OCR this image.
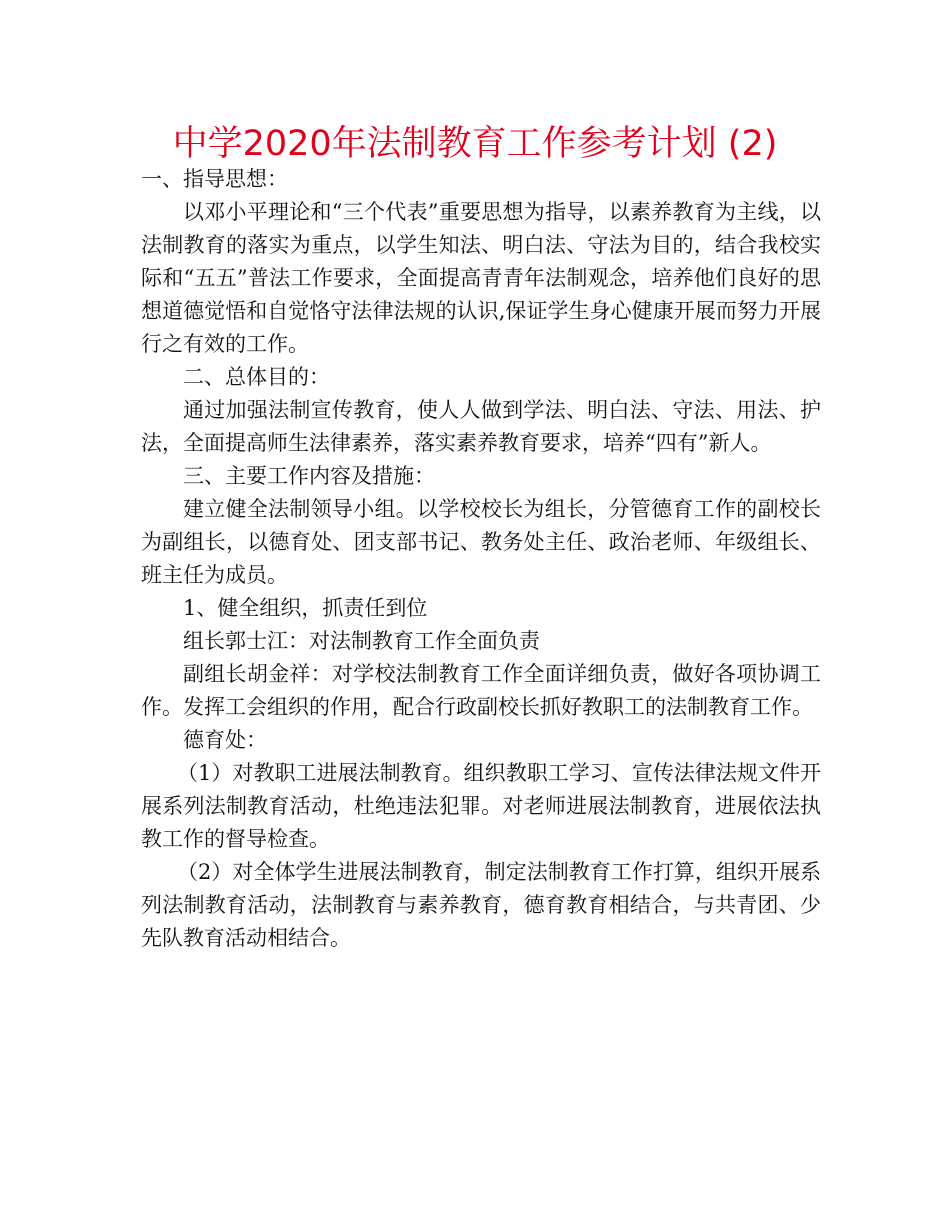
中学2020年法制教育工作参考计划 (2)

一、指导思想：

以邓小平理论和“三个代表”重要思想为指导，以素养教育为主线，以法制教育的落实为重点，以学生知法、明白法、守法为目的，结合我校实际和“五五”普法工作要求，全面提高青青年法制观念，培养他们良好的思想道德觉悟和自觉恪守法律法规的认识,保证学生身心健康开展而努力开展行之有效的工作。

二、总体目的：

通过加强法制宣传教育，使人人做到学法、明白法、守法、用法、护法，全面提高师生法律素养，落实素养教育要求，培养“四有”新人。

三、主要工作内容及措施：

建立健全法制领导小组。以学校校长为组长，分管德育工作的副校长为副组长，以德育处、团支部书记、教务处主任、政治老师、年级组长、班主任为成员。

1、健全组织，抓责任到位

组长郭士江：对法制教育工作全面负责

副组长胡金祥：对学校法制教育工作全面详细负责，做好各项协调工作。发挥工会组织的作用，配合行政副校长抓好教职工的法制教育工作。

德育处：

（1）对教职工进展法制教育。组织教职工学习、宣传法律法规文件开展系列法制教育活动，杜绝违法犯罪。对老师进展法制教育，进展依法执教工作的督导检查。

（2）对全体学生进展法制教育，制定法制教育工作打算，组织开展系列法制教育活动，法制教育与素养教育，德育教育相结合，与共青团、少先队教育活动相结合。
